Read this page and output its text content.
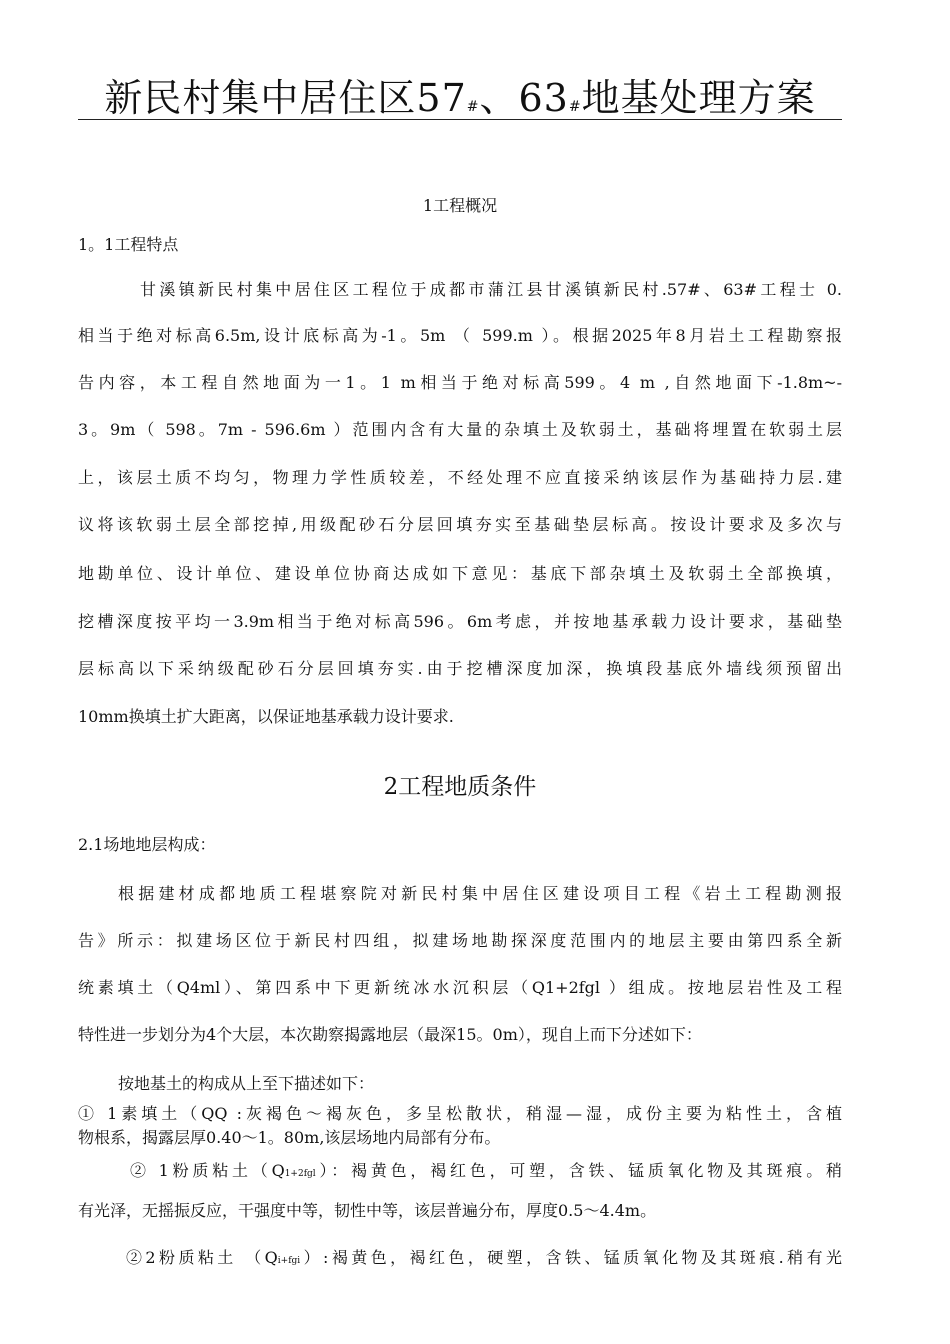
新民村集中居住区57#、63#地基处理方案
1工程概况
1。1工程特点
甘溪镇新民村集中居住区工程位于成都市蒲江县甘溪镇新民村.57#、63#工程士 0.
相当于绝对标高6.5m,设计底标高为-1。5m （ 599.m ）。根据2025年8月岩土工程勘察报
告内容，本工程自然地面为一1。1 m相当于绝对标高599。4 m ,自然地面下-1.8m~-
3。9m（ 598。7m - 596.6m ）范围内含有大量的杂填土及软弱土，基础将埋置在软弱土层
上，该层土质不均匀，物理力学性质较差，不经处理不应直接采纳该层作为基础持力层.建
议将该软弱土层全部挖掉,用级配砂石分层回填夯实至基础垫层标高。按设计要求及多次与
地勘单位、设计单位、建设单位协商达成如下意见：基底下部杂填土及软弱土全部换填，
挖槽深度按平均一3.9m相当于绝对标高596。6m考虑，并按地基承载力设计要求，基础垫
层标高以下采纳级配砂石分层回填夯实.由于挖槽深度加深，换填段基底外墙线须预留出
10mm换填土扩大距离，以保证地基承载力设计要求.
2工程地质条件
2.1场地地层构成：
根据建材成都地质工程堪察院对新民村集中居住区建设项目工程《岩土工程勘测报
告》所示：拟建场区位于新民村四组，拟建场地勘探深度范围内的地层主要由第四系全新
统素填土（Q4ml）、第四系中下更新统冰水沉积层（Q1+2fgl ）组成。按地层岩性及工程
特性进一步划分为4个大层，本次勘察揭露地层（最深15。0m），现自上而下分述如下：
按地基土的构成从上至下描述如下：
① 1素填土（QQ :灰褐色〜褐灰色，多呈松散状，稍湿—湿，成份主要为粘性土，含植
物根系，揭露层厚0.40〜1。80m,该层场地内局部有分布。
② 1粉质粘土（Q1+2fgl）：褐黄色，褐红色，可塑，含铁、锰质氧化物及其斑痕。稍
有光泽，无摇振反应，干强度中等，韧性中等，该层普遍分布，厚度0.5〜4.4m。
②2粉质粘土 （Qi+fgi）:褐黄色，褐红色，硬塑，含铁、锰质氧化物及其斑痕.稍有光
